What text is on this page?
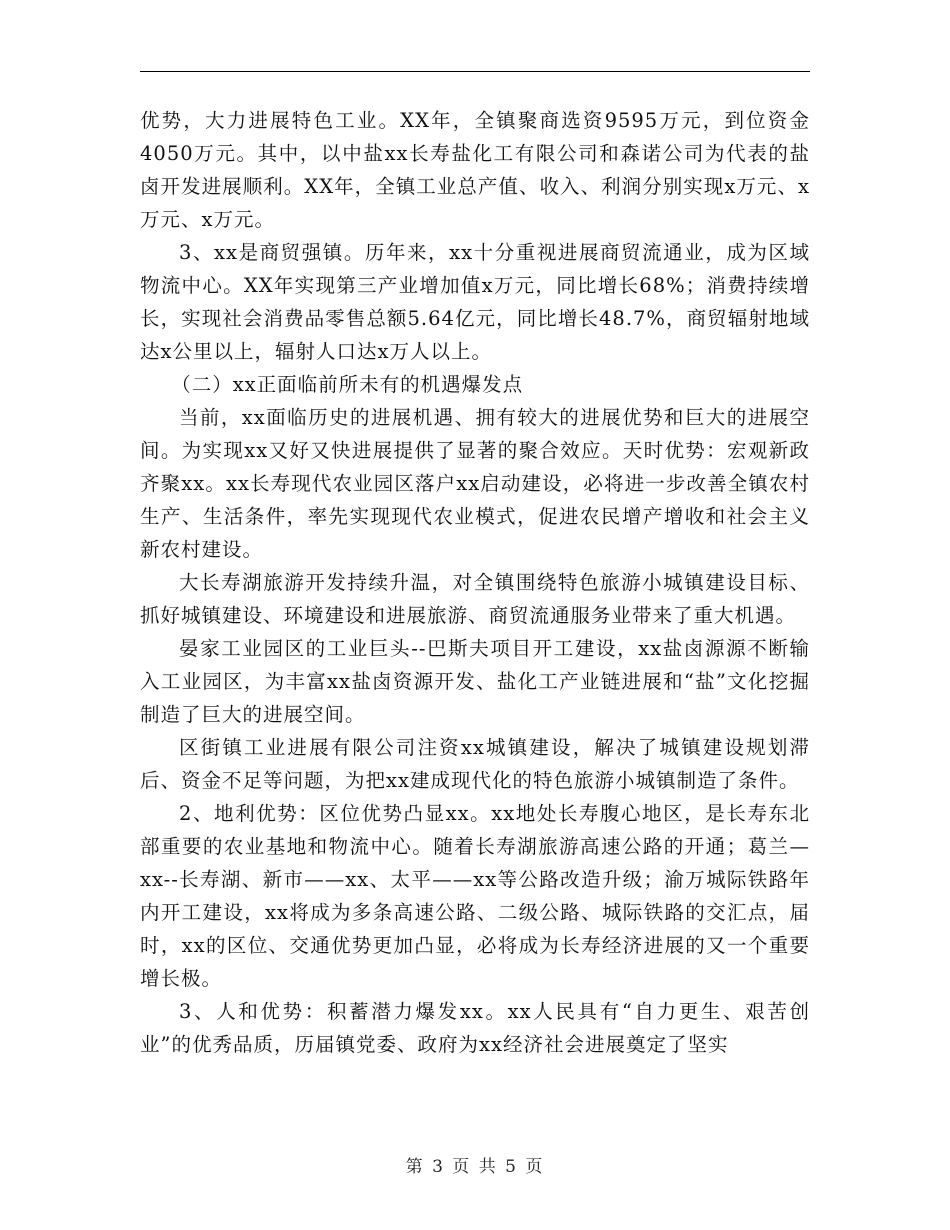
优势，大力进展特色工业。XX年，全镇聚商选资9595万元，到位资金4050万元。其中，以中盐xx长寿盐化工有限公司和森诺公司为代表的盐卤开发进展顺利。XX年，全镇工业总产值、收入、利润分别实现x万元、x万元、x万元。

3、xx是商贸强镇。历年来，xx十分重视进展商贸流通业，成为区域物流中心。XX年实现第三产业增加值x万元，同比增长68%；消费持续增长，实现社会消费品零售总额5.64亿元，同比增长48.7%，商贸辐射地域达x公里以上，辐射人口达x万人以上。

（二）xx正面临前所未有的机遇爆发点

当前，xx面临历史的进展机遇、拥有较大的进展优势和巨大的进展空间。为实现xx又好又快进展提供了显著的聚合效应。天时优势：宏观新政齐聚xx。xx长寿现代农业园区落户xx启动建设，必将进一步改善全镇农村生产、生活条件，率先实现现代农业模式，促进农民增产增收和社会主义新农村建设。

大长寿湖旅游开发持续升温，对全镇围绕特色旅游小城镇建设目标、抓好城镇建设、环境建设和进展旅游、商贸流通服务业带来了重大机遇。

晏家工业园区的工业巨头--巴斯夫项目开工建设，xx盐卤源源不断输入工业园区，为丰富xx盐卤资源开发、盐化工产业链进展和“盐”文化挖掘制造了巨大的进展空间。

区街镇工业进展有限公司注资xx城镇建设，解决了城镇建设规划滞后、资金不足等问题，为把xx建成现代化的特色旅游小城镇制造了条件。

2、地利优势：区位优势凸显xx。xx地处长寿腹心地区，是长寿东北部重要的农业基地和物流中心。随着长寿湖旅游高速公路的开通；葛兰—xx--长寿湖、新市——xx、太平——xx等公路改造升级；渝万城际铁路年内开工建设，xx将成为多条高速公路、二级公路、城际铁路的交汇点，届时，xx的区位、交通优势更加凸显，必将成为长寿经济进展的又一个重要增长极。

3、人和优势：积蓄潜力爆发xx。xx人民具有“自力更生、艰苦创业”的优秀品质，历届镇党委、政府为xx经济社会进展奠定了坚实

第 3 页 共 5 页
